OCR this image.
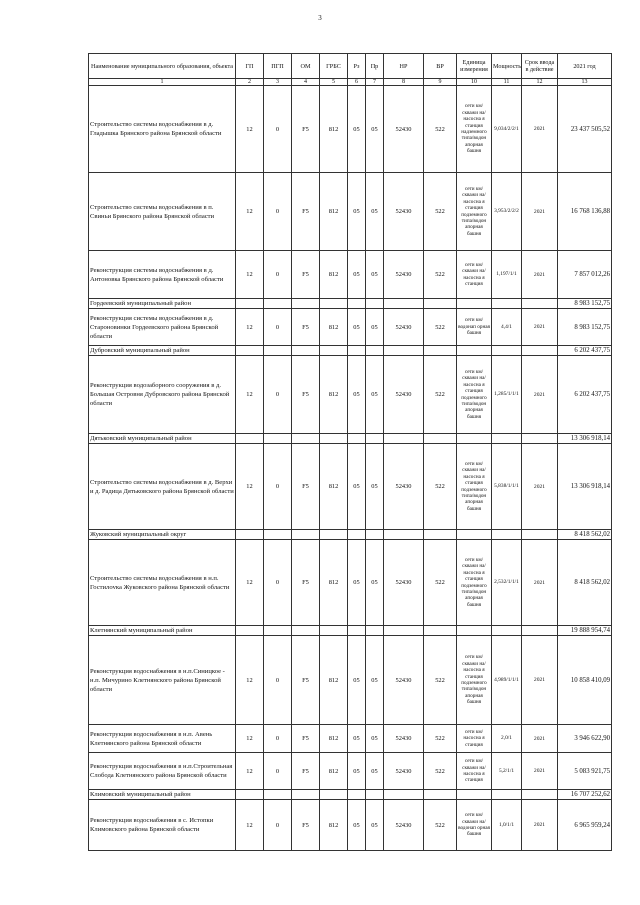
3
Наименование муниципального образования, объекта	ГП	ПГП	ОМ	ГРБС	Рз	Пр	НР	ВР	Единица измерения	Мощность	Срок ввода в действие	2021 год
1	2	3	4	5	6	7	8	9	10	11	12	13
Строительство системы водоснабжения в д. Гладышка Брянского района Брянской области	12	0	F5	812	05	05	52430	522	сети км/скважи на/насосна я станция надземного типа/водон апорная башня	9,034/2/2/1	2021	23 437 505,52
Строительство системы водоснабжения в п. Свиньи Брянского района Брянской области	12	0	F5	812	05	05	52430	522	сети км/скважи на/насосна я станция подземного типа/водон апорная башня	3,953/2/2/2	2021	16 768 136,88
Реконструкция системы водоснабжения в д. Антоновка Брянского района Брянской области	12	0	F5	812	05	05	52430	522	сети км/скважи на/насосна я станция	1,197/1/1	2021	7 857 012,26
Гордеевский муниципальный район												8 983 152,75
Реконструкция системы водоснабжения в д. Староновинки Гордеевского района Брянской области	12	0	F5	812	05	05	52430	522	сети км/водонап орная башня	4,4/1	2021	8 983 152,75
Дубровский муниципальный район												6 202 437,75
Реконструкция водозаборного сооружения в д. Большая Островня Дубровского района Брянской области	12	0	F5	812	05	05	52430	522	сети км/скважи на/насосна я станция подземного типа/водон апорная башня	1,285/1/1/1	2021	6 202 437,75
Дятьковский муниципальный район												13 306 918,14
Строительство системы водоснабжения в д. Верхи и д. Радица Дятьковского района Брянской области	12	0	F5	812	05	05	52430	522	сети км/скважи на/насосна я станция подземного типа/водон апорная башня	5,838/1/1/1	2021	13 306 918,14
Жуковский муниципальный округ												8 418 562,02
Строительство системы водоснабжения в н.п. Гостилovка Жуковского района Брянской области	12	0	F5	812	05	05	52430	522	сети км/скважи на/насосна я станция подземного типа/водон апорная башня	2,532/1/1/1	2021	8 418 562,02
Клетнянский муниципальный район												19 888 954,74
Реконструкция водоснабжения в н.п.Синицкое - н.п. Мичурино Клетнянского района Брянской области	12	0	F5	812	05	05	52430	522	сети км/скважи на/насосна я станция подземного типа/водон апорная башня	4,989/1/1/1	2021	10 858 410,09
Реконструкция водоснабжения в н.п. Авень Клетнянского района Брянской области	12	0	F5	812	05	05	52430	522	сети км/насосна я станция	2,0/1	2021	3 946 622,90
Реконструкция водоснабжения в н.п.Строительная Слобода Клетнянского района Брянской области	12	0	F5	812	05	05	52430	522	сети км/скважи на/насосна я станция	5,2/1/1	2021	5 083 921,75
Климовский муниципальный район												16 707 252,62
Реконструкция водоснабжения в с. Истопки Климовского района Брянской области	12	0	F5	812	05	05	52430	522	сети км/скважи на/водонап орная башня	1,0/1/1	2021	6 965 959,24
